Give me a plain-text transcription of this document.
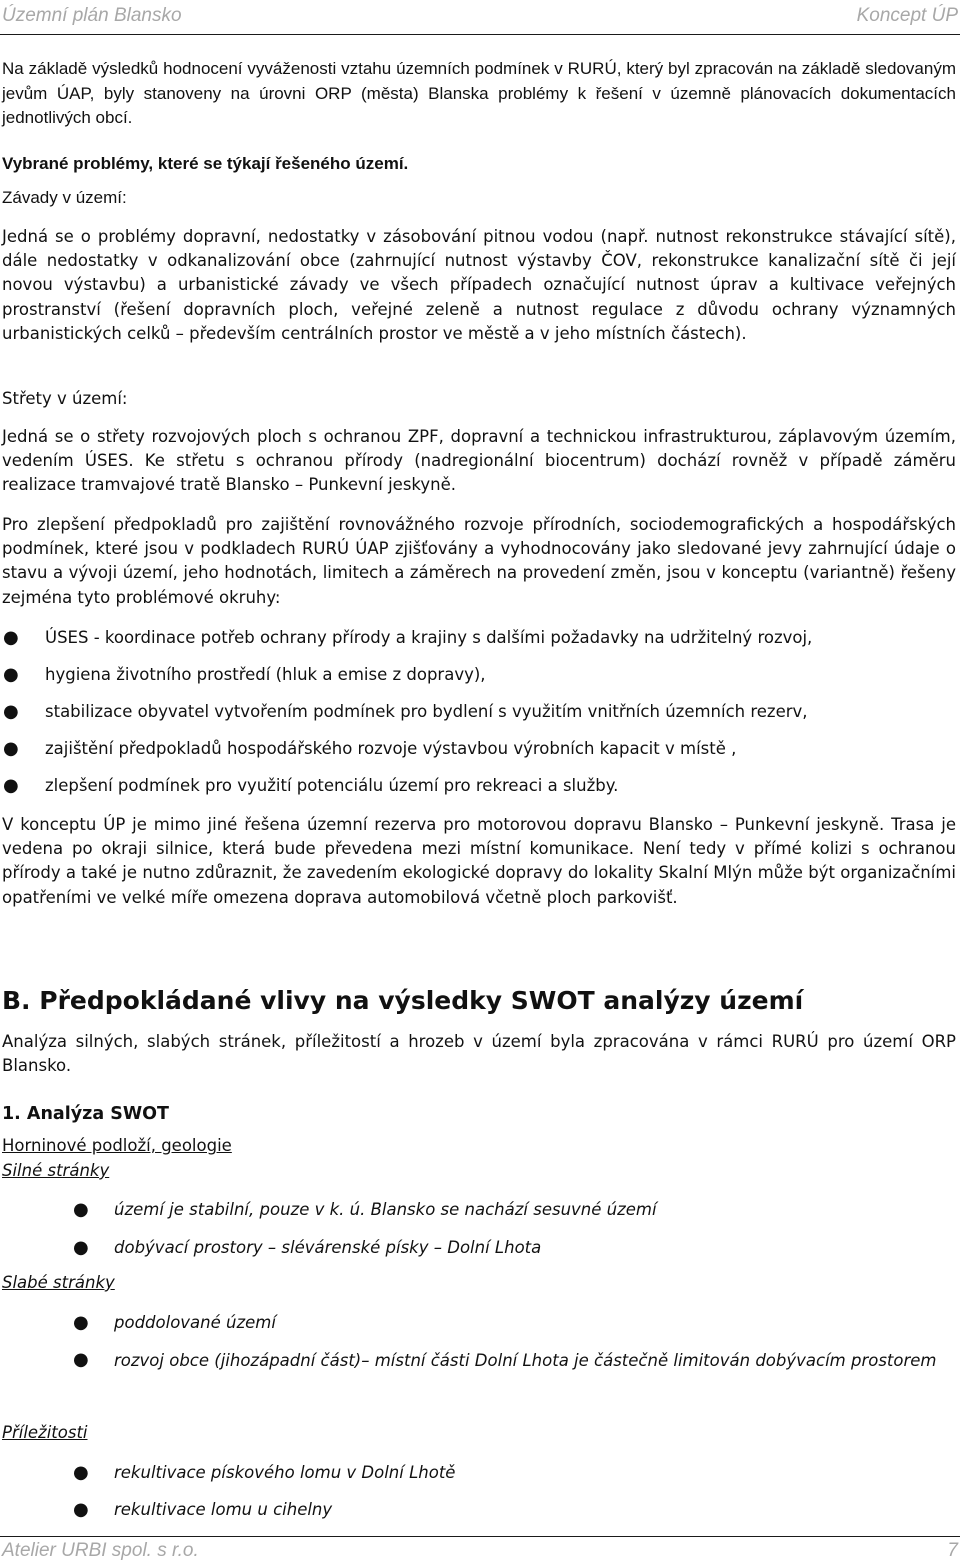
Územní plán Blansko	Koncept ÚP
Na základě výsledků hodnocení vyváženosti vztahu územních podmínek v RURÚ, který byl zpracován na základě sledovaným jevům ÚAP, byly stanoveny na úrovni ORP (města) Blanska problémy k řešení v územně plánovacích dokumentacích jednotlivých obcí.
Vybrané problémy, které se týkají řešeného území.
Závady v území:
Jedná se o problémy dopravní, nedostatky v zásobování pitnou vodou (např. nutnost rekonstrukce stávající sítě), dále nedostatky v odkanalizování obce (zahrnující nutnost výstavby ČOV, rekonstrukce kanalizační sítě či její novou výstavbu) a urbanistické závady ve všech případech označující nutnost úprav a kultivace veřejných prostranství (řešení dopravních ploch, veřejné zeleně a nutnost regulace z důvodu ochrany významných urbanistických celků – především centrálních prostor ve městě a v jeho místních částech).
Střety v území:
Jedná se o střety rozvojových ploch s ochranou ZPF, dopravní a technickou infrastrukturou, záplavovým územím, vedením ÚSES. Ke střetu s ochranou přírody (nadregionální biocentrum) dochází rovněž v případě záměru realizace tramvajové tratě Blansko – Punkevní jeskyně.
Pro zlepšení předpokladů pro zajištění rovnovážného rozvoje přírodních, sociodemografických a hospodářských podmínek, které jsou v podkladech RURÚ ÚAP zjišťovány a vyhodnocovány jako sledované jevy zahrnující údaje o stavu a vývoji území, jeho hodnotách, limitech a záměrech na provedení změn, jsou v konceptu (variantně) řešeny zejména tyto problémové okruhy:
● ÚSES - koordinace potřeb ochrany přírody a krajiny s dalšími požadavky na udržitelný rozvoj,
● hygiena životního prostředí (hluk a emise z dopravy),
● stabilizace obyvatel vytvořením podmínek pro bydlení s využitím vnitřních územních rezerv,
● zajištění předpokladů hospodářského rozvoje výstavbou výrobních kapacit v místě ,
● zlepšení podmínek pro využití potenciálu území pro rekreaci a služby.
V konceptu ÚP je mimo jiné řešena územní rezerva pro motorovou dopravu Blansko – Punkevní jeskyně. Trasa je vedena po okraji silnice, která bude převedena mezi místní komunikace. Není tedy v přímé kolizi s ochranou přírody a také je nutno zdůraznit, že zavedením ekologické dopravy do lokality Skalní Mlýn může být organizačními opatřeními ve velké míře omezena doprava automobilová včetně ploch parkovišť.
B. Předpokládané vlivy na výsledky SWOT analýzy území
Analýza silných, slabých stránek, příležitostí a hrozeb v území byla zpracována v rámci RURÚ pro území ORP Blansko.
1. Analýza SWOT
Horninové podloží, geologie
Silné stránky
● území je stabilní, pouze v k. ú. Blansko se nachází sesuvné území
● dobývací prostory – slévárenské písky – Dolní Lhota
Slabé stránky
● poddolované území
● rozvoj obce (jihozápadní část)– místní části Dolní Lhota je částečně limitován dobývacím prostorem
Příležitosti
● rekultivace pískového lomu v Dolní Lhotě
● rekultivace lomu u cihelny
Atelier URBI spol. s r.o.	7
